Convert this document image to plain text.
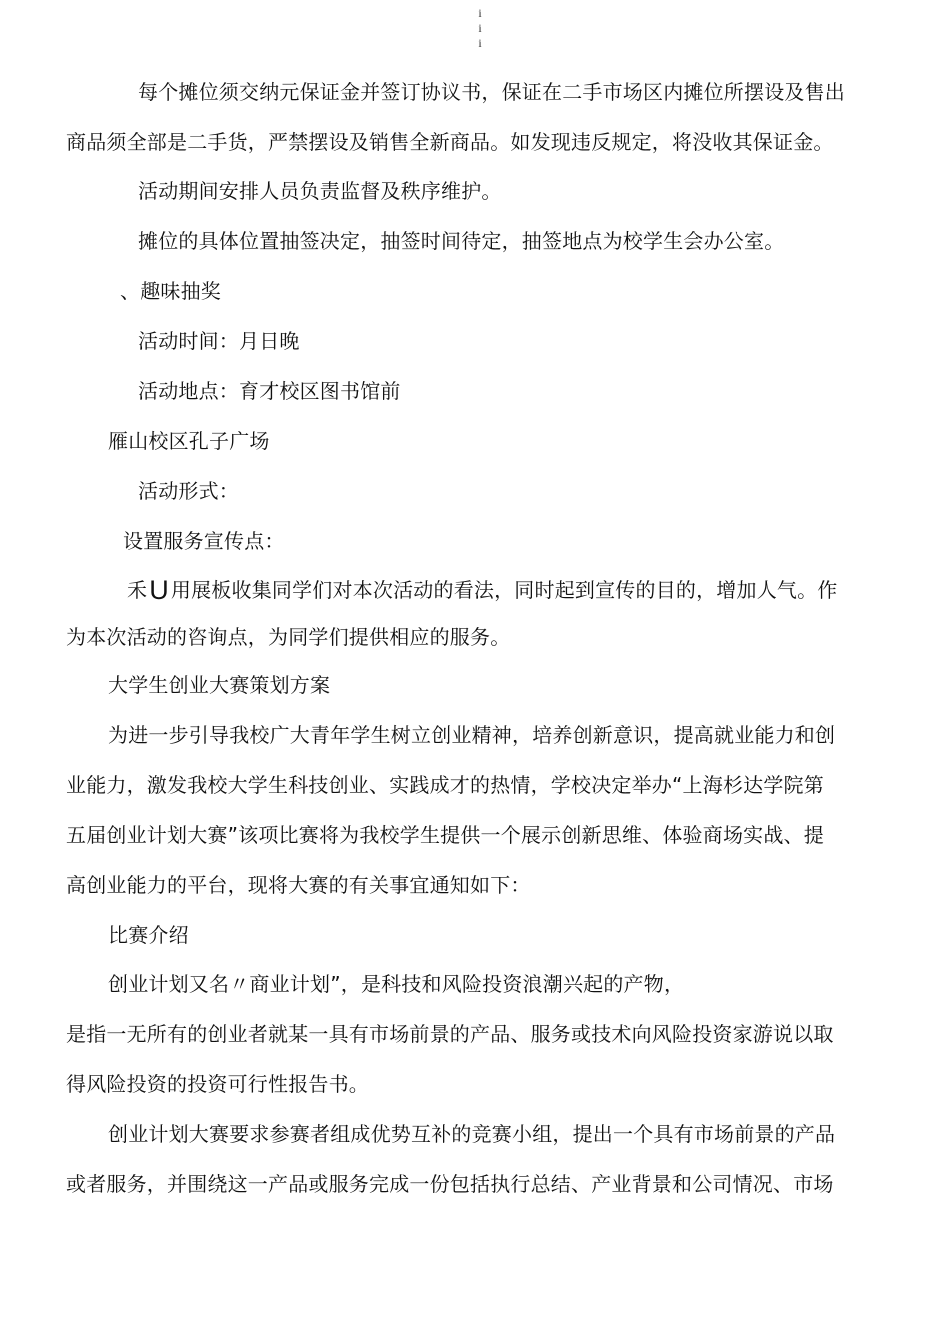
i
i
i
每个摊位须交纳元保证金并签订协议书，保证在二手市场区内摊位所摆设及售出
商品须全部是二手货，严禁摆设及销售全新商品。如发现违反规定，将没收其保证金。
活动期间安排人员负责监督及秩序维护。
摊位的具体位置抽签决定，抽签时间待定，抽签地点为校学生会办公室。
、趣味抽奖
活动时间：月日晚
活动地点：育才校区图书馆前
雁山校区孔子广场
活动形式：
设置服务宣传点：
禾U 用展板收集同学们对本次活动的看法，同时起到宣传的目的，增加人气。作
为本次活动的咨询点，为同学们提供相应的服务。
大学生创业大赛策划方案
为进一步引导我校广大青年学生树立创业精神，培养创新意识，提高就业能力和创
业能力，激发我校大学生科技创业、实践成才的热情，学校决定举办“上海杉达学院第
五届创业计划大赛”该项比赛将为我校学生提供一个展示创新思维、体验商场实战、提
高创业能力的平台，现将大赛的有关事宜通知如下：
比赛介绍
创业计划又名〃商业计划”，是科技和风险投资浪潮兴起的产物，
是指一无所有的创业者就某一具有市场前景的产品、服务或技术向风险投资家游说以取
得风险投资的投资可行性报告书。
创业计划大赛要求参赛者组成优势互补的竞赛小组，提出一个具有市场前景的产品
或者服务，并围绕这一产品或服务完成一份包括执行总结、产业背景和公司情况、市场
